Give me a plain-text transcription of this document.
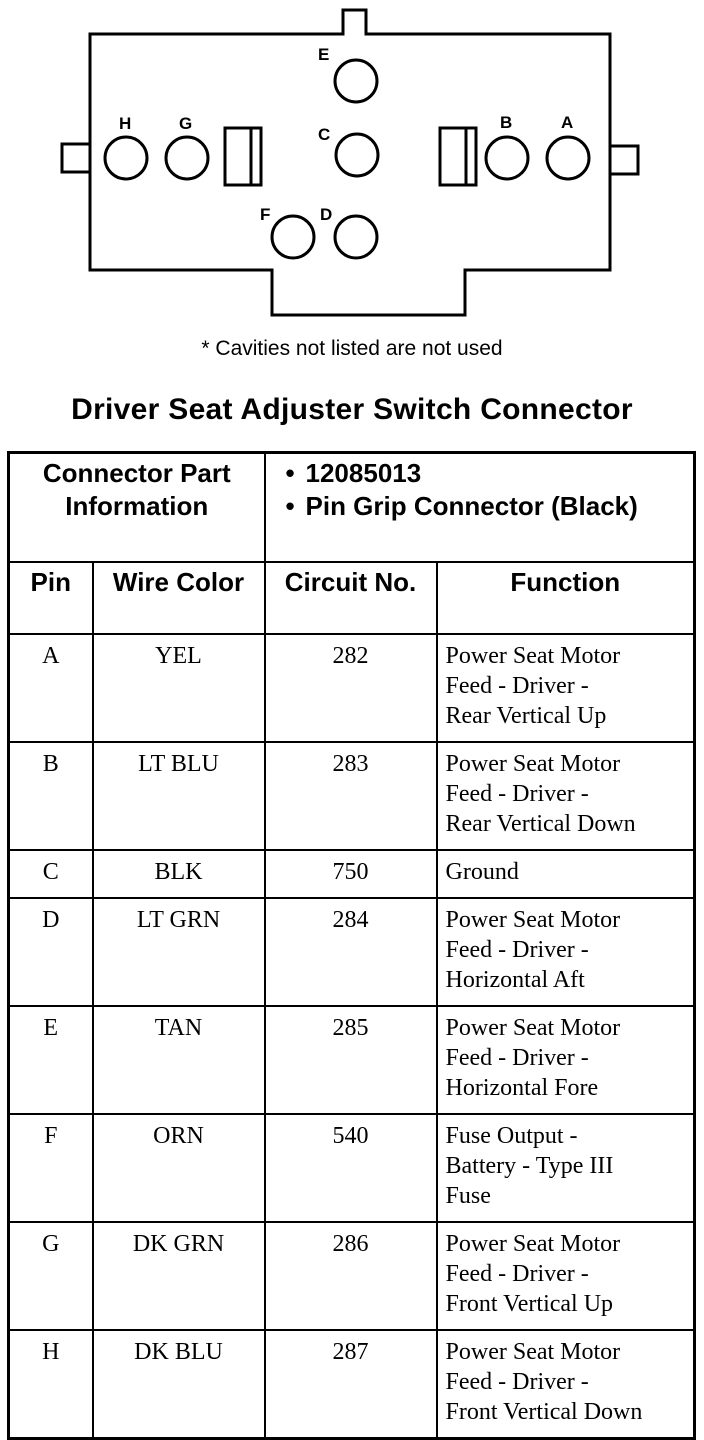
E
C
D
F
H	G	B	A
* Cavities not listed are not used
Driver Seat Adjuster Switch Connector
Connector Part Information		• 12085013
• Pin Grip Connector (Black)

Pin	Wire Color	Circuit No.	Function
A	YEL	282	Power Seat Motor
Feed - Driver -
Rear Vertical Up

B	LT BLU	283	Power Seat Motor
Feed - Driver -
Rear Vertical Down

C	BLK	750	Ground

D	LT GRN	284	Power Seat Motor
Feed - Driver -
Horizontal Aft

E	TAN	285	Power Seat Motor
Feed - Driver -
Horizontal Fore

F	ORN	540	Fuse Output -
Battery - Type III
Fuse

G	DK GRN	286	Power Seat Motor
Feed - Driver -
Front Vertical Up

H	DK BLU	287	Power Seat Motor
Feed - Driver -
Front Vertical Down
